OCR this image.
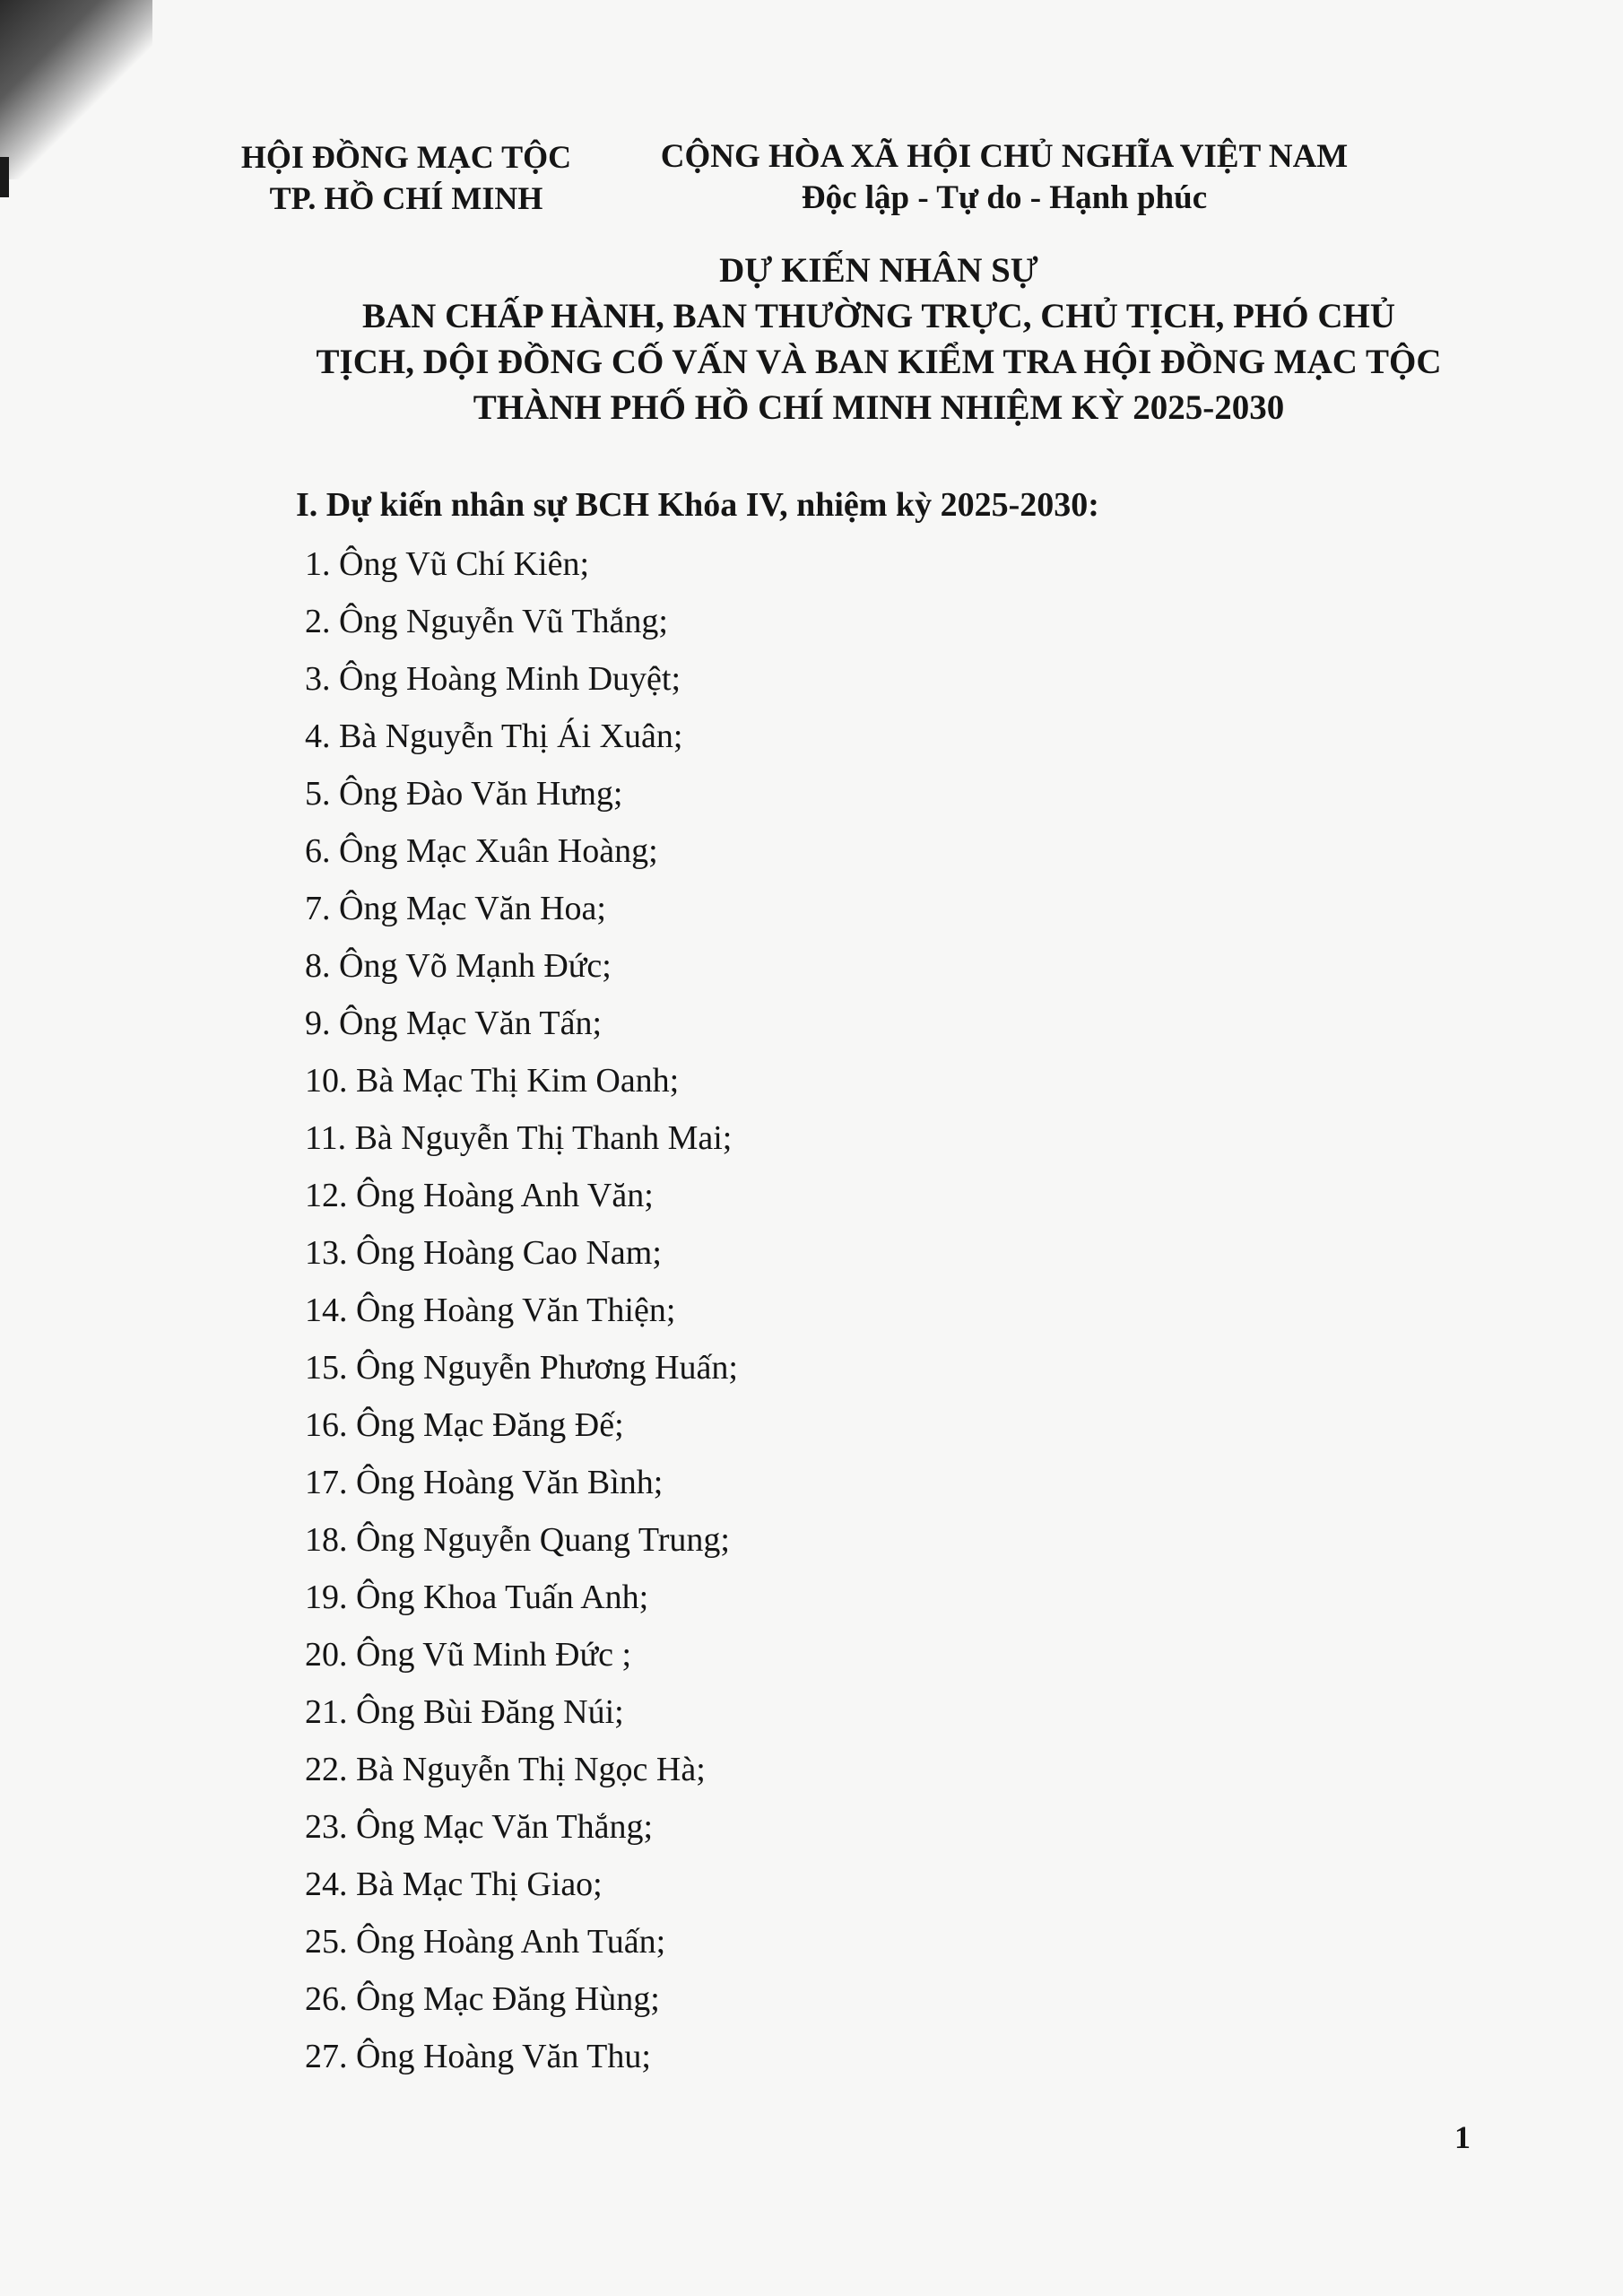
HỘI ĐỒNG MẠC TỘC
TP. HỒ CHÍ MINH
CỘNG HÒA XÃ HỘI CHỦ NGHĨA VIỆT NAM
Độc lập - Tự do - Hạnh phúc
DỰ KIẾN NHÂN SỰ
BAN CHẤP HÀNH, BAN THƯỜNG TRỰC, CHỦ TỊCH, PHÓ CHỦ
TỊCH, DỘI ĐỒNG CỐ VẤN VÀ BAN KIỂM TRA HỘI ĐỒNG MẠC TỘC
THÀNH PHỐ HỒ CHÍ MINH NHIỆM KỲ 2025-2030
I. Dự kiến nhân sự BCH Khóa IV, nhiệm kỳ 2025-2030:
1. Ông Vũ Chí Kiên;
2. Ông Nguyễn Vũ Thắng;
3. Ông Hoàng Minh Duyệt;
4. Bà Nguyễn Thị Ái Xuân;
5. Ông Đào Văn Hưng;
6. Ông Mạc Xuân Hoàng;
7. Ông Mạc Văn Hoa;
8. Ông Võ Mạnh Đức;
9. Ông Mạc Văn Tấn;
10. Bà Mạc Thị Kim Oanh;
11. Bà Nguyễn Thị Thanh Mai;
12. Ông Hoàng Anh Văn;
13. Ông Hoàng Cao Nam;
14. Ông Hoàng Văn Thiện;
15. Ông Nguyễn Phương Huấn;
16. Ông Mạc Đăng Đế;
17. Ông Hoàng Văn Bình;
18. Ông Nguyễn Quang Trung;
19. Ông Khoa Tuấn Anh;
20. Ông Vũ Minh Đức ;
21. Ông Bùi Đăng Núi;
22. Bà Nguyễn Thị Ngọc Hà;
23. Ông Mạc Văn Thắng;
24. Bà Mạc Thị Giao;
25. Ông Hoàng Anh Tuấn;
26. Ông Mạc Đăng Hùng;
27. Ông Hoàng Văn Thu;
1
